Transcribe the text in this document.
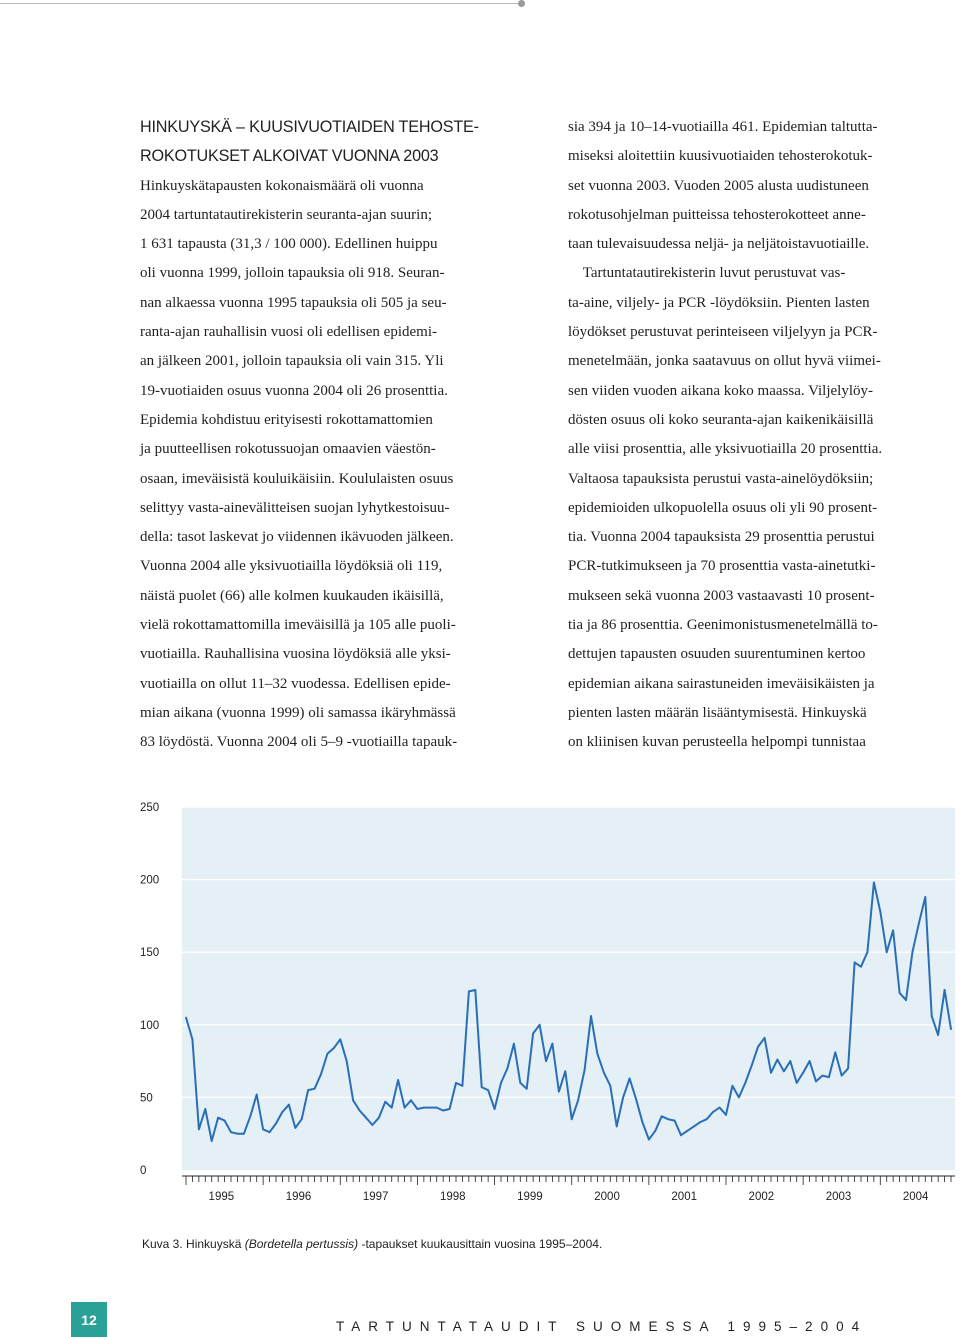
HINKUYSKÄ – KUUSIVUOTIAIDEN TEHOSTE-
ROKOTUKSET ALKOIVAT VUONNA 2003
Hinkuyskätapausten kokonaismäärä oli vuonna
2004 tartuntatautirekisterin seuranta-ajan suurin;
1 631 tapausta (31,3 / 100 000). Edellinen huippu
oli vuonna 1999, jolloin tapauksia oli 918. Seuran-
nan alkaessa vuonna 1995 tapauksia oli 505 ja seu-
ranta-ajan rauhallisin vuosi oli edellisen epidemi-
an jälkeen 2001, jolloin tapauksia oli vain 315. Yli
19-vuotiaiden osuus vuonna 2004 oli 26 prosenttia.
Epidemia kohdistuu erityisesti rokottamattomien
ja puutteellisen rokotussuojan omaavien väestön-
osaan, imeväisistä kouluikäisiin. Koululaisten osuus
selittyy vasta-ainevälitteisen suojan lyhytkestoisuu-
della: tasot laskevat jo viidennen ikävuoden jälkeen.
Vuonna 2004 alle yksivuotiailla löydöksiä oli 119,
näistä puolet (66) alle kolmen kuukauden ikäisillä,
vielä rokottamattomilla imeväisillä ja 105 alle puoli-
vuotiailla. Rauhallisina vuosina löydöksiä alle yksi-
vuotiailla on ollut 11–32 vuodessa. Edellisen epide-
mian aikana (vuonna 1999) oli samassa ikäryhmässä
83 löydöstä. Vuonna 2004 oli 5–9 -vuotiailla tapauk-
sia 394 ja 10–14-vuotiailla 461. Epidemian taltutta-
miseksi aloitettiin kuusivuotiaiden tehosterokotuk-
set vuonna 2003. Vuoden 2005 alusta uudistuneen
rokotusohjelman puitteissa tehosterokotteet anne-
taan tulevaisuudessa neljä- ja neljätoistavuotiaille.
Tartuntatautirekisterin luvut perustuvat vas-
ta-aine, viljely- ja PCR -löydöksiin. Pienten lasten
löydökset perustuvat perinteiseen viljelyyn ja PCR-
menetelmään, jonka saatavuus on ollut hyvä viimei-
sen viiden vuoden aikana koko maassa. Viljelylöy-
dösten osuus oli koko seuranta-ajan kaikenikäisillä
alle viisi prosenttia, alle yksivuotiailla 20 prosenttia.
Valtaosa tapauksista perustui vasta-ainelöydöksiin;
epidemioiden ulkopuolella osuus oli yli 90 prosent-
tia. Vuonna 2004 tapauksista 29 prosenttia perustui
PCR-tutkimukseen ja 70 prosenttia vasta-ainetutki-
mukseen sekä vuonna 2003 vastaavasti 10 prosent-
tia ja 86 prosenttia. Geenimonistusmenetelmällä to-
dettujen tapausten osuuden suurentuminen kertoo
epidemian aikana sairastuneiden imeväisikäisten ja
pienten lasten määrän lisääntymisestä. Hinkuyskä
on kliinisen kuvan perusteella helpompi tunnistaa
250
200
150
100
50
0
1995	1996	1997	1998	1999	2000	2001	2002	2003	2004
Kuva 3. Hinkuyskä (Bordetella pertussis) -tapaukset kuukausittain vuosina 1995–2004.
12	TARTUNTATAUDIT SUOMESSA 1995–2004
